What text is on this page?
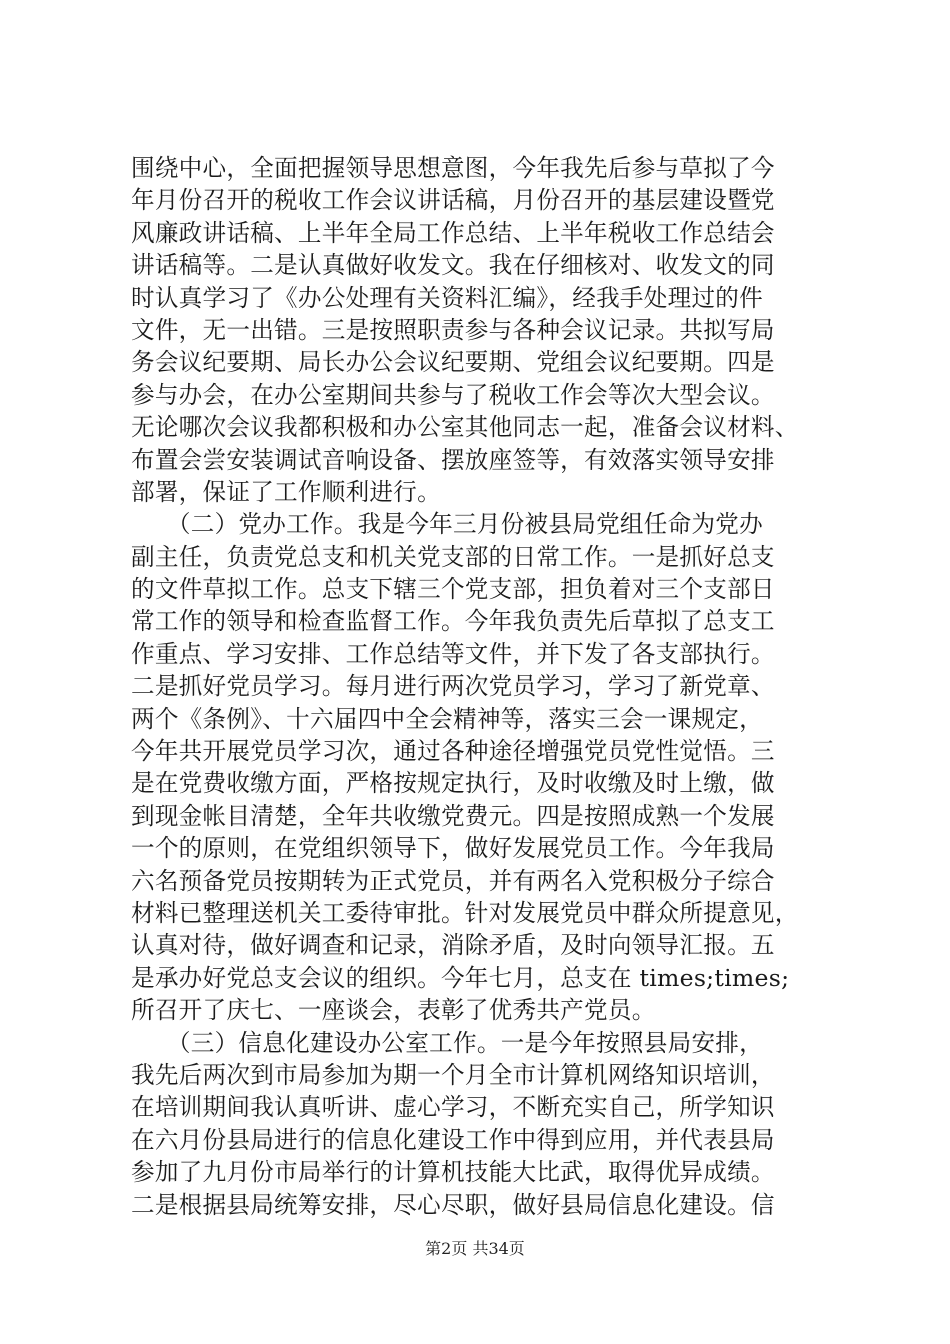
围绕中心，全面把握领导思想意图，今年我先后参与草拟了今
年月份召开的税收工作会议讲话稿，月份召开的基层建设暨党
风廉政讲话稿、上半年全局工作总结、上半年税收工作总结会
讲话稿等。二是认真做好收发文。我在仔细核对、收发文的同
时认真学习了《办公处理有关资料汇编》，经我手处理过的件
文件，无一出错。三是按照职责参与各种会议记录。共拟写局
务会议纪要期、局长办公会议纪要期、党组会议纪要期。四是
参与办会，在办公室期间共参与了税收工作会等次大型会议。
无论哪次会议我都积极和办公室其他同志一起，准备会议材料、
布置会尝安装调试音响设备、摆放座签等，有效落实领导安排
部署，保证了工作顺利进行。
　　（二）党办工作。我是今年三月份被县局党组任命为党办
副主任，负责党总支和机关党支部的日常工作。一是抓好总支
的文件草拟工作。总支下辖三个党支部，担负着对三个支部日
常工作的领导和检查监督工作。今年我负责先后草拟了总支工
作重点、学习安排、工作总结等文件，并下发了各支部执行。
二是抓好党员学习。每月进行两次党员学习，学习了新党章、
两个《条例》、十六届四中全会精神等，落实三会一课规定，
今年共开展党员学习次，通过各种途径增强党员党性觉悟。三
是在党费收缴方面，严格按规定执行，及时收缴及时上缴，做
到现金帐目清楚，全年共收缴党费元。四是按照成熟一个发展
一个的原则，在党组织领导下，做好发展党员工作。今年我局
六名预备党员按期转为正式党员，并有两名入党积极分子综合
材料已整理送机关工委待审批。针对发展党员中群众所提意见，
认真对待，做好调查和记录，消除矛盾，及时向领导汇报。五
是承办好党总支会议的组织。今年七月，总支在 times;times;
所召开了庆七、一座谈会，表彰了优秀共产党员。
　　（三）信息化建设办公室工作。一是今年按照县局安排，
我先后两次到市局参加为期一个月全市计算机网络知识培训，
在培训期间我认真听讲、虚心学习，不断充实自己，所学知识
在六月份县局进行的信息化建设工作中得到应用，并代表县局
参加了九月份市局举行的计算机技能大比武，取得优异成绩。
二是根据县局统筹安排，尽心尽职，做好县局信息化建设。信
第2页 共34页
